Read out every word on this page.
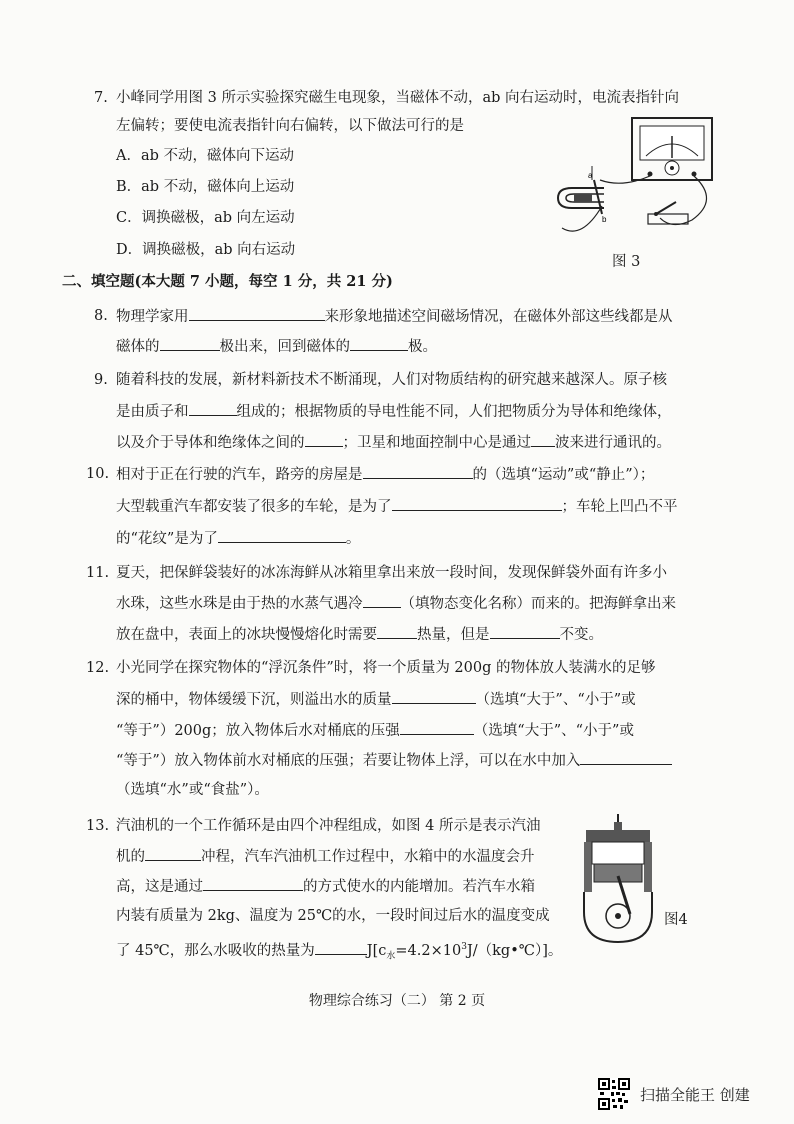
7. 小峰同学用图 3 所示实验探究磁生电现象，当磁体不动，ab 向右运动时，电流表指针向
左偏转；要使电流表指针向右偏转，以下做法可行的是
A．ab 不动，磁体向下运动
B．ab 不动，磁体向上运动
C．调换磁极，ab 向左运动
D．调换磁极，ab 向右运动
a
b
图 3
二、填空题(本大题 7 小题，每空 1 分，共 21 分)
8. 物理学家用	来形象地描述空间磁场情况，在磁体外部这些线都是从
磁体的	极出来，回到磁体的	极。
9. 随着科技的发展，新材料新技术不断涌现，人们对物质结构的研究越来越深人。原子核
是由质子和	组成的；根据物质的导电性能不同，人们把物质分为导体和绝缘体，
以及介于导体和绝缘体之间的	；卫星和地面控制中心是通过 波来进行通讯的。
10. 相对于正在行驶的汽车，路旁的房屋是	的（选填“运动”或“静止”）；
大型载重汽车都安装了很多的车轮，是为了	；车轮上凹凸不平
的“花纹”是为了	。
11. 夏天，把保鲜袋装好的冰冻海鲜从冰箱里拿出来放一段时间，发现保鲜袋外面有许多小
水珠，这些水珠是由于热的水蒸气遇冷	（填物态变化名称）而来的。把海鲜拿出来
放在盘中，表面上的冰块慢慢熔化时需要	热量，但是	不变。
12. 小光同学在探究物体的“浮沉条件”时，将一个质量为 200g 的物体放人装满水的足够
深的桶中，物体缓缓下沉，则溢出水的质量	（选填“大于”、“小于”或
“等于”）200g；放入物体后水对桶底的压强	（选填“大于”、“小于”或
“等于”）放入物体前水对桶底的压强；若要让物体上浮，可以在水中加入
（选填“水”或“食盐”）。
13. 汽油机的一个工作循环是由四个冲程组成，如图 4 所示是表示汽油
机的	冲程，汽车汽油机工作过程中，水箱中的水温度会升
高，这是通过	的方式使水的内能增加。若汽车水箱
内装有质量为 2kg、温度为 25℃的水，一段时间过后水的温度变成
了 45℃，那么水吸收的热量为	$J[c_水=4.2\times 10^3J/(kg•℃)]$。
图4
物理综合练习（二） 第 2 页
扫描全能王 创建
